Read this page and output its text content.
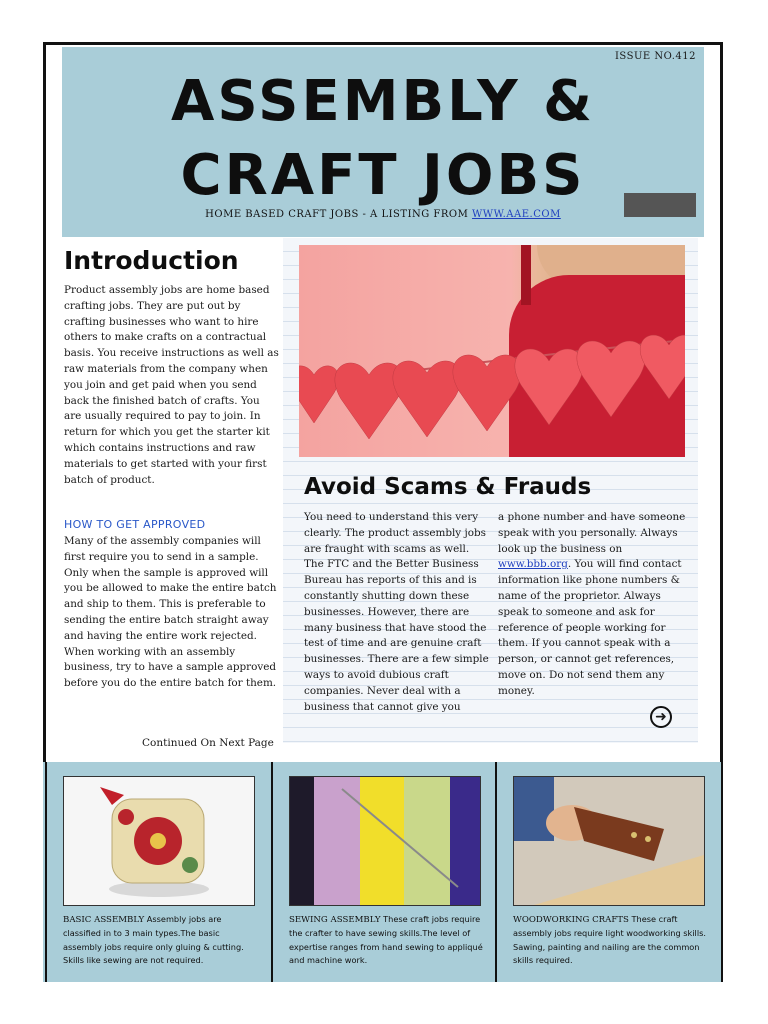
ISSUE NO.412
ASSEMBLY &
CRAFT JOBS
HOME BASED CRAFT JOBS - A LISTING FROM WWW.AAE.COM
Introduction
Product assembly jobs are home based crafting jobs. They are put out by crafting businesses who want to hire others to make crafts on a contractual basis. You receive instructions as well as raw materials from the company when you join and get paid when you send back the finished batch of crafts. You are usually required to pay to join. In return for which you get the starter kit which contains instructions and raw materials to get started with your first batch of product.
HOW TO GET APPROVED
Many of the assembly companies will first require you to send in a sample. Only when the sample is approved will you be allowed to make the entire batch and ship to them. This is preferable to sending the entire batch straight away and having the entire work rejected. When working with an assembly business, try to have a sample approved before you do the entire batch for them.
Continued On Next Page
Avoid Scams & Frauds
You need to understand this very clearly. The product assembly jobs are fraught with scams as well. The FTC and the Better Business Bureau has reports of this and is constantly shutting down these businesses. However, there are many business that have stood the test of time and are genuine craft businesses. There are a few simple ways to avoid dubious craft companies. Never deal with a business that cannot give you
a phone number and have someone speak with you personally. Always look up the business on www.bbb.org. You will find contact information like phone numbers & name of the proprietor. Always speak to someone and ask for reference of people working for them. If you cannot speak with a person, or cannot get references, move on. Do not send them any money.
➜
BASIC ASSEMBLY Assembly jobs are classified in to 3 main types.The basic assembly jobs require only gluing & cutting. Skills like sewing are not required.
SEWING ASSEMBLY These craft jobs require the crafter to have sewing skills.The level of expertise ranges from hand sewing to appliqué and machine work.
WOODWORKING CRAFTS These craft assembly jobs require light woodworking skills. Sawing, painting and nailing are the common skills required.
